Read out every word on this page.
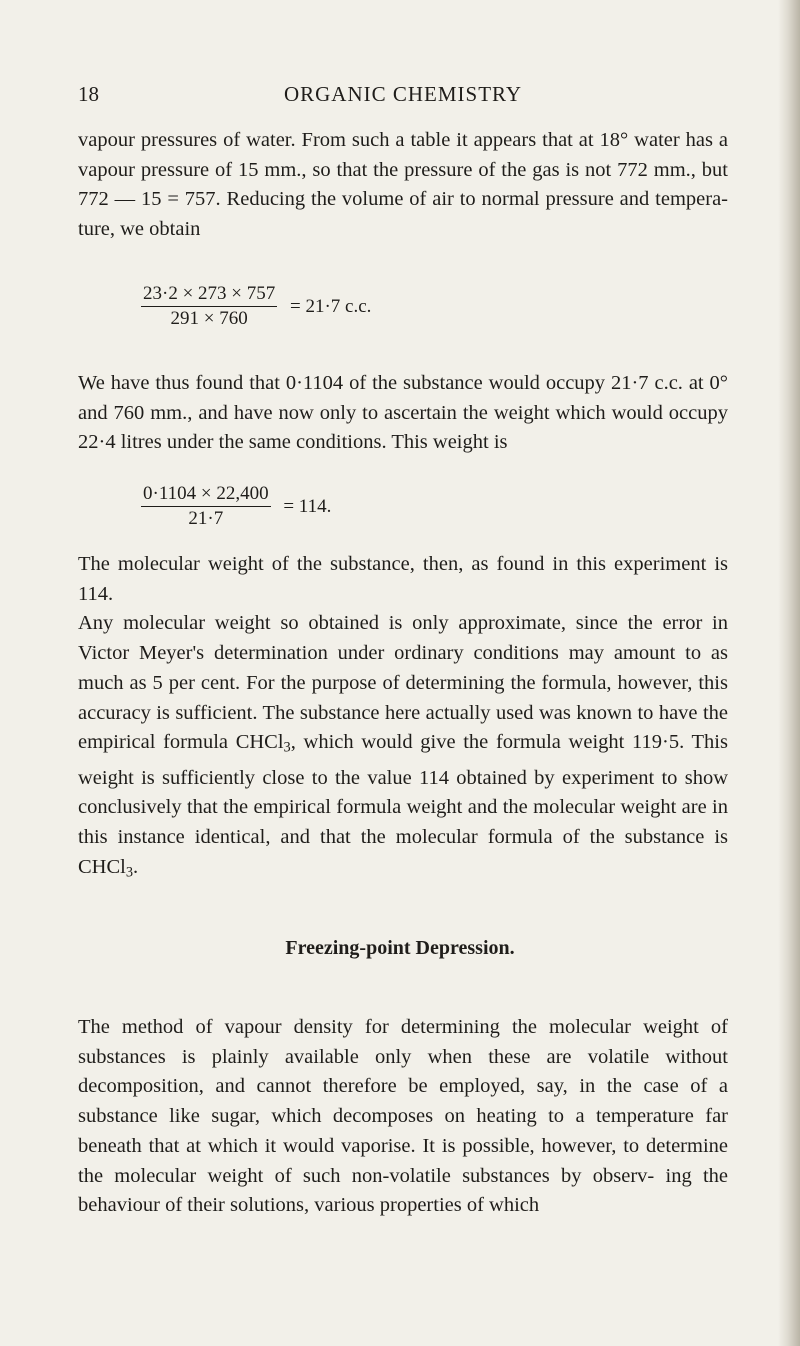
18	ORGANIC CHEMISTRY

vapour pressures of water. From such a table it appears that at 18° water has a vapour pressure of 15 mm., so that the pressure of the gas is not 772 mm., but 772 — 15 = 757. Reducing the volume of air to normal pressure and tempera- ture, we obtain

$\frac{23\cdot 2 \times 273 \times 757}{291 \times 760} = 21\cdot 7$ c.c.

We have thus found that 0·1104 of the substance would occupy 21·7 c.c. at 0° and 760 mm., and have now only to ascertain the weight which would occupy 22·4 litres under the same conditions. This weight is

$\frac{0\cdot 1104 \times 22,400}{21\cdot 7} = 114$.

The molecular weight of the substance, then, as found in this experiment is 114.

Any molecular weight so obtained is only approximate, since the error in Victor Meyer's determination under ordinary conditions may amount to as much as 5 per cent. For the purpose of determining the formula, however, this accuracy is sufficient. The substance here actually used was known to have the empirical formula CHCl$_3$, which would give the formula weight 119·5. This weight is sufficiently close to the value 114 obtained by experiment to show conclusively that the empirical formula weight and the molecular weight are in this instance identical, and that the molecular formula of the substance is CHCl$_3$.

Freezing-point Depression.

The method of vapour density for determining the molecular weight of substances is plainly available only when these are volatile without decomposition, and cannot therefore be employed, say, in the case of a substance like sugar, which decomposes on heating to a temperature far beneath that at which it would vaporise. It is possible, however, to determine the molecular weight of such non-volatile substances by observ- ing the behaviour of their solutions, various properties of which
